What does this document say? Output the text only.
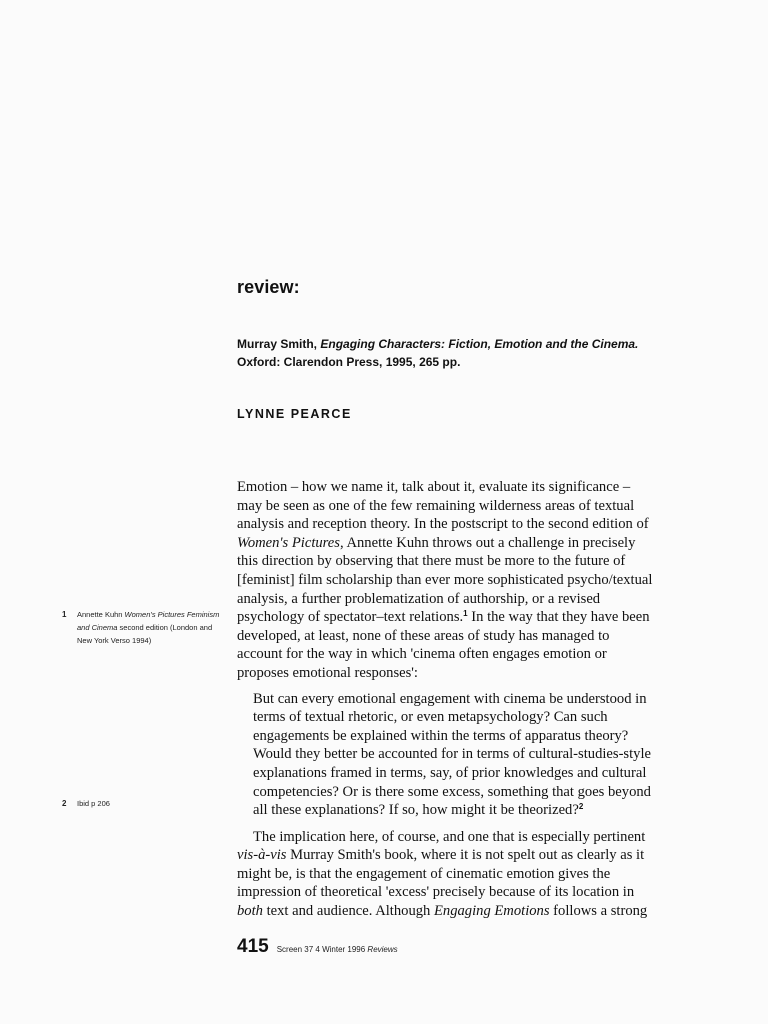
review:
Murray Smith, Engaging Characters: Fiction, Emotion and the Cinema.
Oxford: Clarendon Press, 1995, 265 pp.
LYNNE PEARCE

Emotion – how we name it, talk about it, evaluate its significance –
may be seen as one of the few remaining wilderness areas of textual
analysis and reception theory. In the postscript to the second edition of
Women's Pictures, Annette Kuhn throws out a challenge in precisely
this direction by observing that there must be more to the future of
[feminist] film scholarship than ever more sophisticated psycho/textual
analysis, a further problematization of authorship, or a revised
psychology of spectator–text relations.$^1$ In the way that they have been
developed, at least, none of these areas of study has managed to
account for the way in which 'cinema often engages emotion or
proposes emotional responses':

But can every emotional engagement with cinema be understood in
terms of textual rhetoric, or even metapsychology? Can such
engagements be explained within the terms of apparatus theory?
Would they better be accounted for in terms of cultural-studies-style
explanations framed in terms, say, of prior knowledges and cultural
competencies? Or is there some excess, something that goes beyond
all these explanations? If so, how might it be theorized?$^2$

The implication here, of course, and one that is especially pertinent
vis-à-vis Murray Smith's book, where it is not spelt out as clearly as it
might be, is that the engagement of cinematic emotion gives the
impression of theoretical 'excess' precisely because of its location in
both text and audience. Although Engaging Emotions follows a strong

1 Annette Kuhn Women's Pictures Feminism and Cinema second edition (London and New York Verso 1994)
2 Ibid p 206
415 Screen 37 4 Winter 1996 Reviews
